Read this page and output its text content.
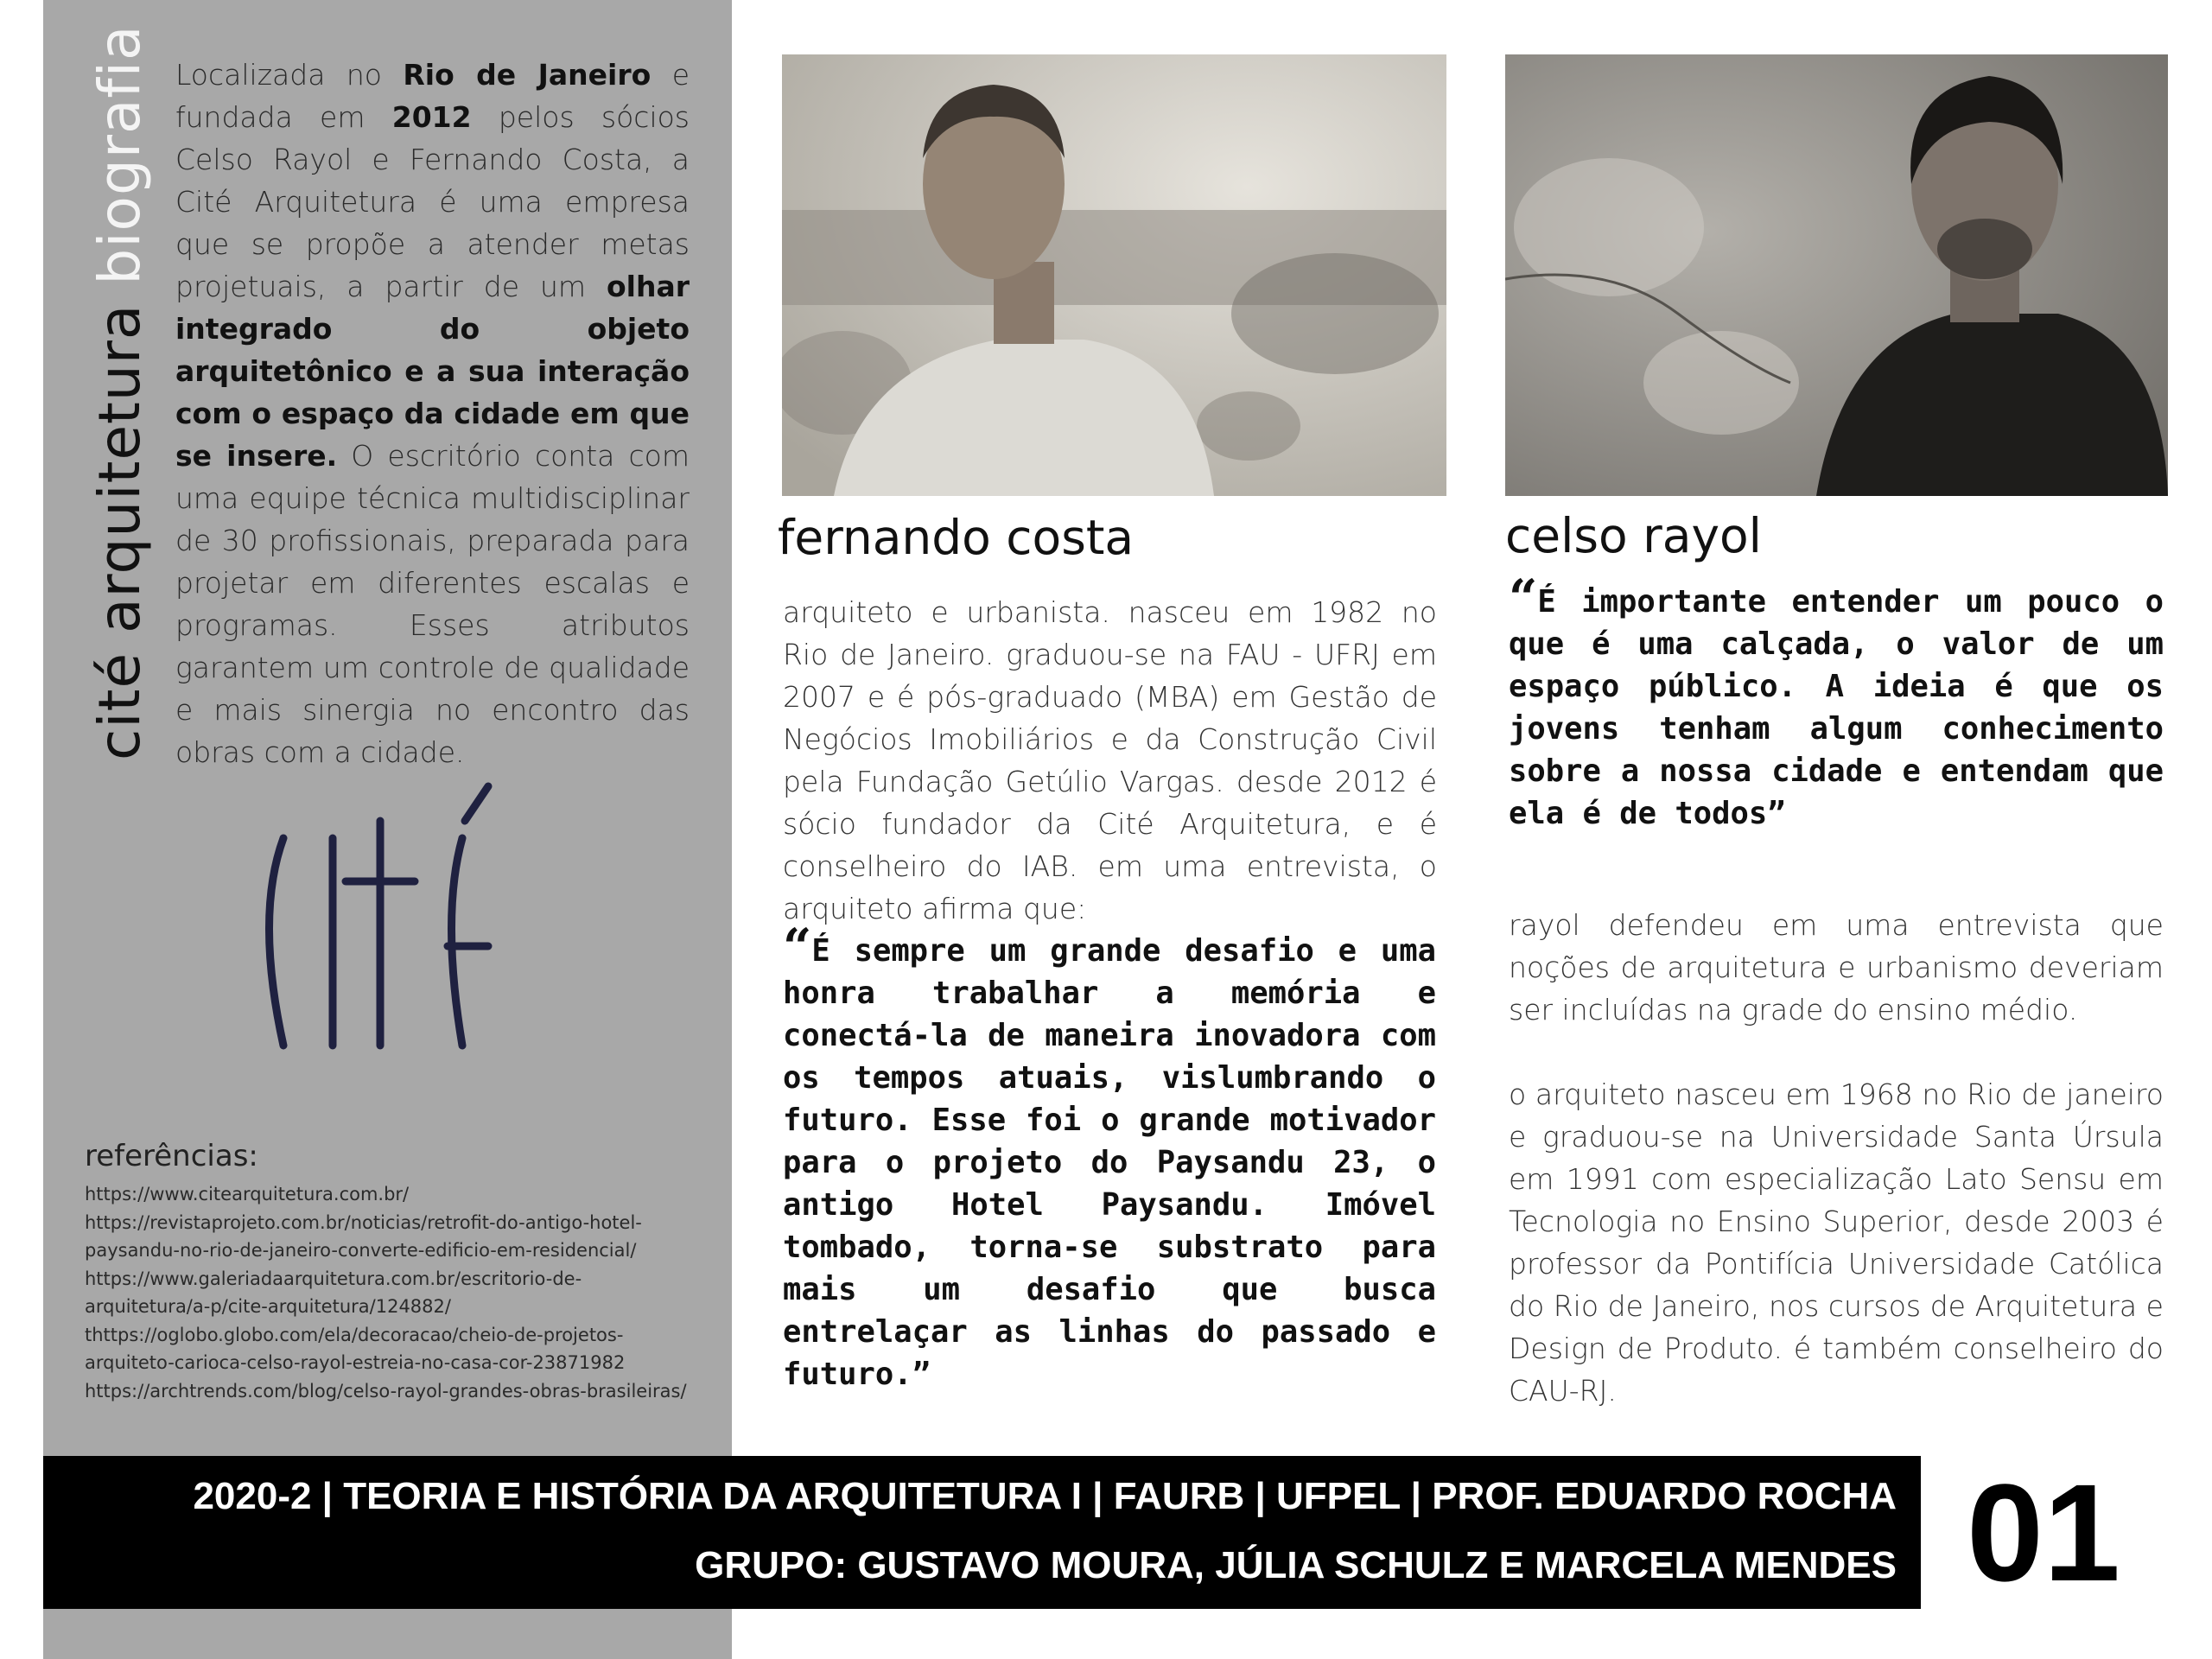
cité arquitetura biografia Localizada no Rio de Janeiro e fundada em 2012 pelos sócios Celso Rayol e Fernando Costa, a Cité Arquitetura é uma empresa que se propõe a atender metas projetuais, a partir de um olhar integrado do objeto arquitetônico e a sua interação com o espaço da cidade em que se insere. O escritório conta com uma equipe técnica multidisciplinar de 30 profissionais, preparada para projetar em diferentes escalas e programas. Esses atributos garantem um controle de qualidade e mais sinergia no encontro das obras com a cidade.
referências:
https://www.citearquitetura.com.br/
https://revistaprojeto.com.br/noticias/retrofit-do-antigo-hotel-
paysandu-no-rio-de-janeiro-converte-edificio-em-residencial/
https://www.galeriadaarquitetura.com.br/escritorio-de-
arquitetura/a-p/cite-arquitetura/124882/
thttps://oglobo.globo.com/ela/decoracao/cheio-de-projetos-
arquiteto-carioca-celso-rayol-estreia-no-casa-cor-23871982
https://archtrends.com/blog/celso-rayol-grandes-obras-brasileiras/
fernando costa
arquiteto e urbanista. nasceu em 1982 no Rio de Janeiro. graduou-se na FAU - UFRJ em 2007 e é pós-graduado (MBA) em Gestão de Negócios Imobiliários e da Construção Civil pela Fundação Getúlio Vargas. desde 2012 é sócio fundador da Cité Arquitetura, e é conselheiro do IAB. em uma entrevista, o arquiteto afirma que:
“É sempre um grande desafio e uma honra trabalhar a memória e conectá-la de maneira inovadora com os tempos atuais, vislumbrando o futuro. Esse foi o grande motivador para o projeto do Paysandu 23, o antigo Hotel Paysandu. Imóvel tombado, torna-se substrato para mais um desafio que busca entrelaçar as linhas do passado e futuro.”
celso rayol
“É importante entender um pouco o que é uma calçada, o valor de um espaço público. A ideia é que os jovens tenham algum conhecimento sobre a nossa cidade e entendam que ela é de todos”
rayol defendeu em uma entrevista que noções de arquitetura e urbanismo deveriam ser incluídas na grade do ensino médio.
o arquiteto nasceu em 1968 no Rio de janeiro e graduou-se na Universidade Santa Úrsula em 1991 com especialização Lato Sensu em Tecnologia no Ensino Superior, desde 2003 é professor da Pontifícia Universidade Católica do Rio de Janeiro, nos cursos de Arquitetura e Design de Produto. é também conselheiro do CAU-RJ.
2020-2 | TEORIA E HISTÓRIA DA ARQUITETURA I | FAURB | UFPEL | PROF. EDUARDO ROCHA
GRUPO: GUSTAVO MOURA, JÚLIA SCHULZ E MARCELA MENDES 01
